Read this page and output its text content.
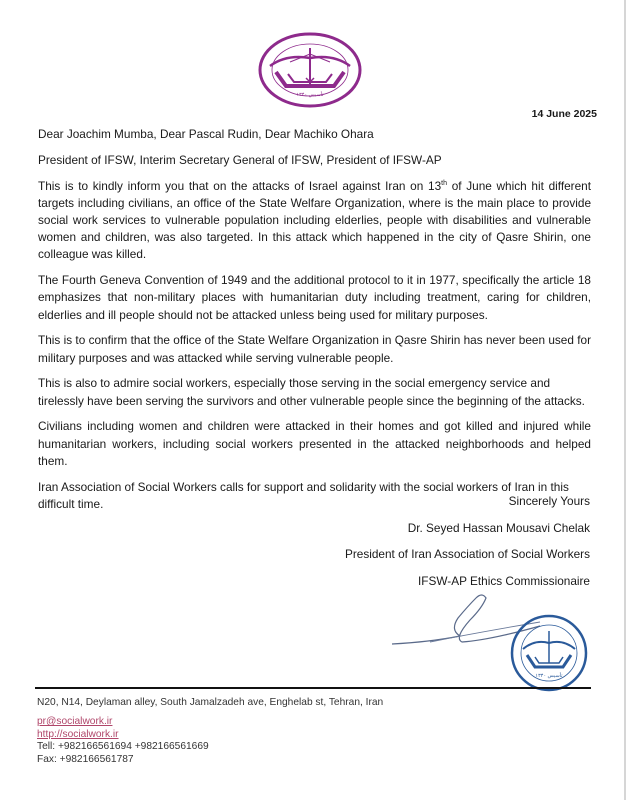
تأسیس ۱۳۴۰
14 June 2025

Dear Joachim Mumba, Dear Pascal Rudin, Dear Machiko Ohara

President of IFSW, Interim Secretary General of IFSW, President of IFSW-AP

This is to kindly inform you that on the attacks of Israel against Iran on 13th of June which hit different targets including civilians, an office of the State Welfare Organization, where is the main place to provide social work services to vulnerable population including elderlies, people with disabilities and vulnerable women and children, was also targeted. In this attack which happened in the city of Qasre Shirin, one colleague was killed.

The Fourth Geneva Convention of 1949 and the additional protocol to it in 1977, specifically the article 18 emphasizes that non-military places with humanitarian duty including treatment, caring for children, elderlies and ill people should not be attacked unless being used for military purposes.

This is to confirm that the office of the State Welfare Organization in Qasre Shirin has never been used for military purposes and was attacked while serving vulnerable people.

This is also to admire social workers, especially those serving in the social emergency service and tirelessly have been serving the survivors and other vulnerable people since the beginning of the attacks.

Civilians including women and children were attacked in their homes and got killed and injured while humanitarian workers, including social workers presented in the attacked neighborhoods and helped them.

Iran Association of Social Workers calls for support and solidarity with the social workers of Iran in this difficult time.	Sincerely Yours
Dr. Seyed Hassan Mousavi Chelak
President of Iran Association of Social Workers
IFSW-AP Ethics Commissionaire
تأسیس ۱۳۴۰
N20, N14, Deylaman alley, South Jamalzadeh ave, Enghelab st, Tehran, Iran
pr@socialwork.ir
http://socialwork.ir
Tell: +982166561694 +982166561669
Fax: +982166561787
